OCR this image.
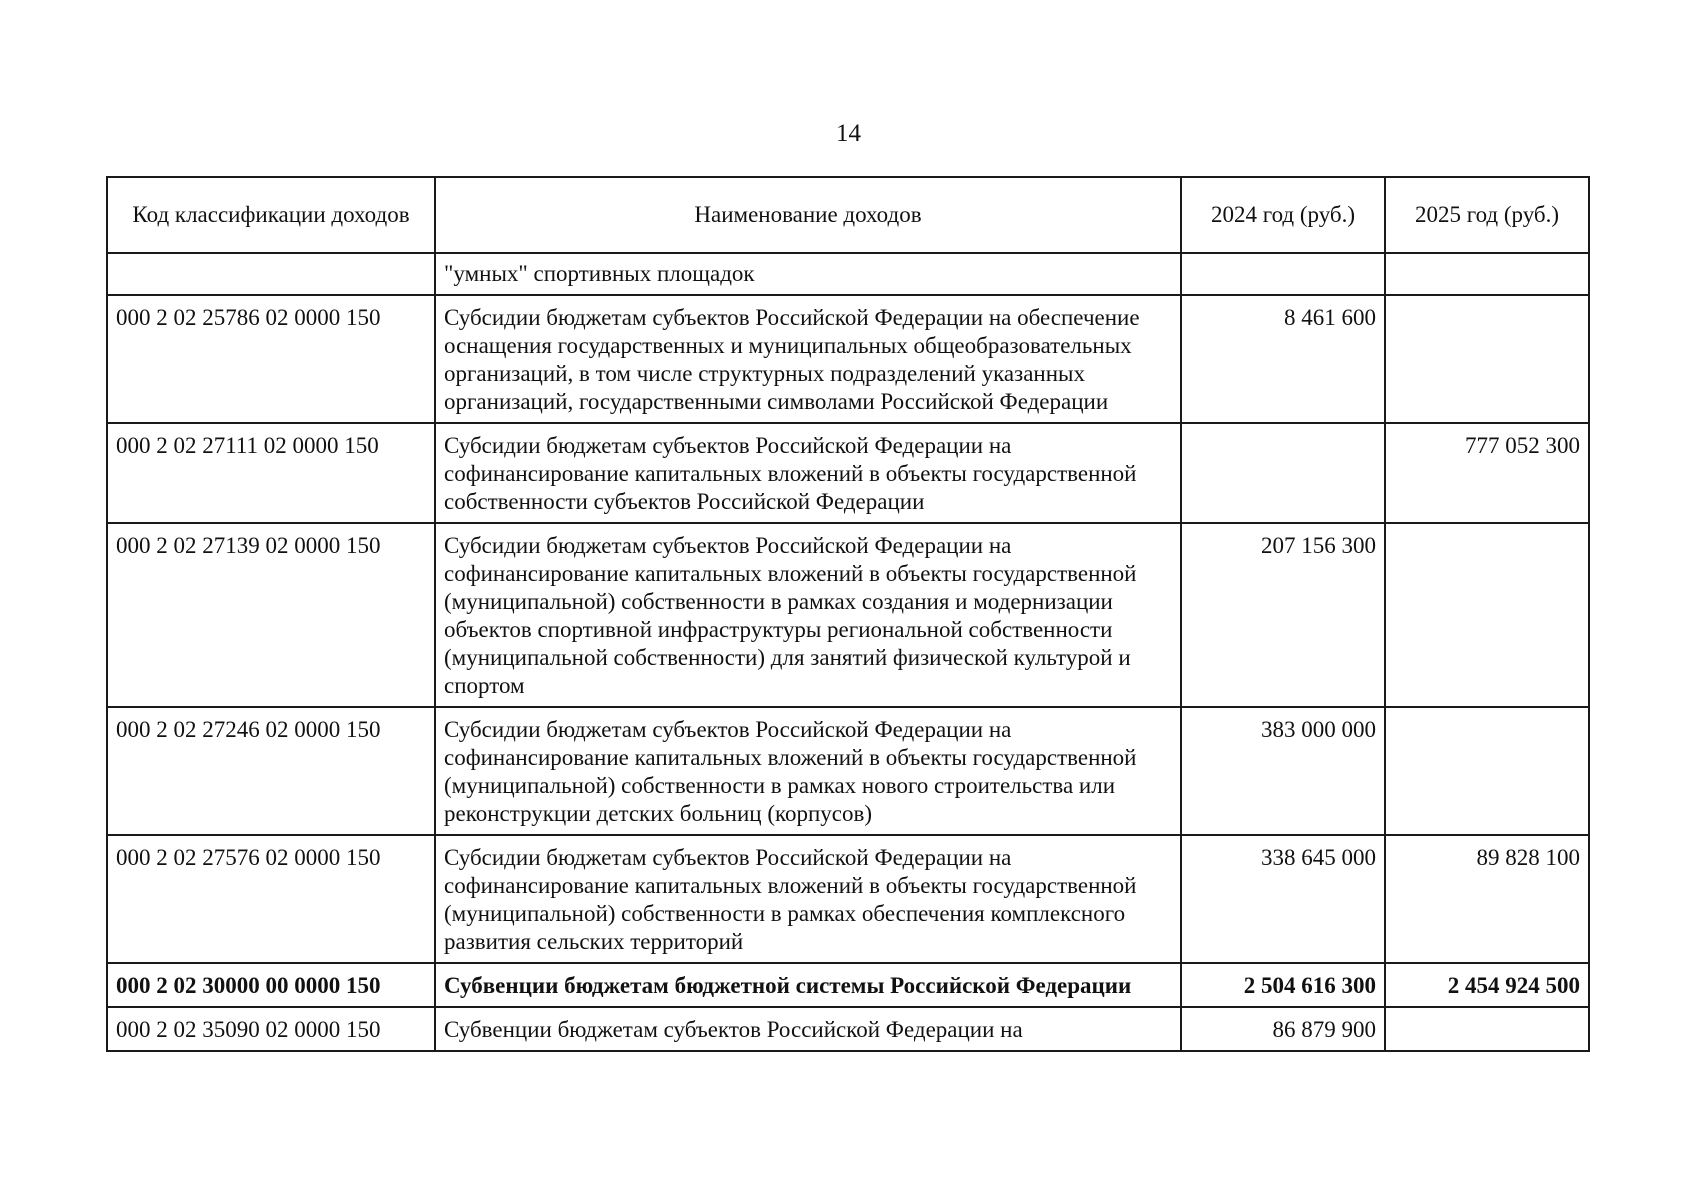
14
Код классификации доходов	Наименование доходов	2024 год (руб.)	2025 год (руб.)
	"умных" спортивных площадок		
000 2 02 25786 02 0000 150	Субсидии бюджетам субъектов Российской Федерации на обеспечение оснащения государственных и муниципальных общеобразовательных организаций, в том числе структурных подразделений указанных организаций, государственными символами Российской Федерации	8 461 600	
000 2 02 27111 02 0000 150	Субсидии бюджетам субъектов Российской Федерации на софинансирование капитальных вложений в объекты государственной собственности субъектов Российской Федерации		777 052 300
000 2 02 27139 02 0000 150	Субсидии бюджетам субъектов Российской Федерации на софинансирование капитальных вложений в объекты государственной (муниципальной) собственности в рамках создания и модернизации объектов спортивной инфраструктуры региональной собственности (муниципальной собственности) для занятий физической культурой и спортом	207 156 300	
000 2 02 27246 02 0000 150	Субсидии бюджетам субъектов Российской Федерации на софинансирование капитальных вложений в объекты государственной (муниципальной) собственности в рамках нового строительства или реконструкции детских больниц (корпусов)	383 000 000	
000 2 02 27576 02 0000 150	Субсидии бюджетам субъектов Российской Федерации на софинансирование капитальных вложений в объекты государственной (муниципальной) собственности в рамках обеспечения комплексного развития сельских территорий	338 645 000	89 828 100
000 2 02 30000 00 0000 150	Субвенции бюджетам бюджетной системы Российской Федерации	2 504 616 300	2 454 924 500
000 2 02 35090 02 0000 150	Субвенции бюджетам субъектов Российской Федерации на	86 879 900	
